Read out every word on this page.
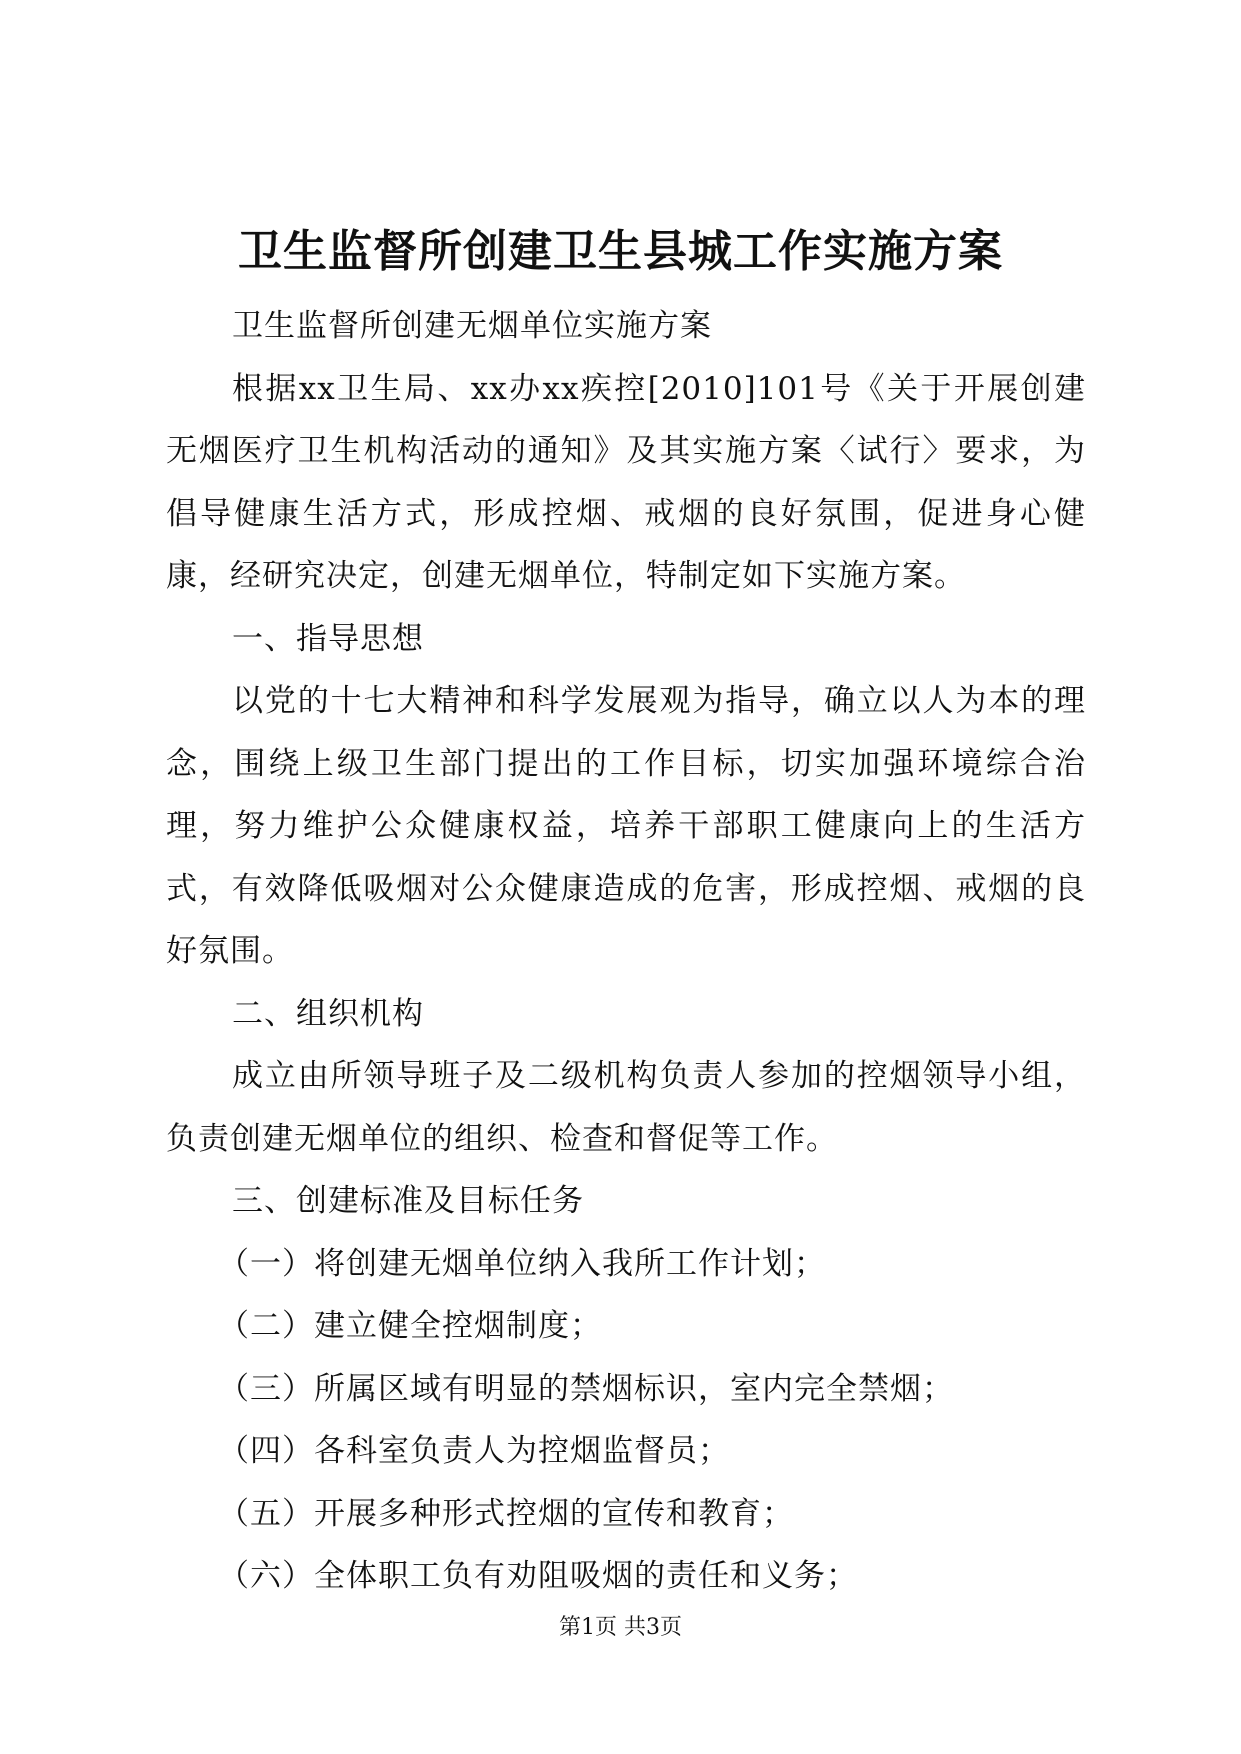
卫生监督所创建卫生县城工作实施方案

卫生监督所创建无烟单位实施方案

根据xx卫生局、xx办xx疾控[2010]101号《关于开展创建无烟医疗卫生机构活动的通知》及其实施方案〈试行〉要求，为倡导健康生活方式，形成控烟、戒烟的良好氛围，促进身心健康，经研究决定，创建无烟单位，特制定如下实施方案。

一、指导思想

以党的十七大精神和科学发展观为指导，确立以人为本的理念，围绕上级卫生部门提出的工作目标，切实加强环境综合治理，努力维护公众健康权益，培养干部职工健康向上的生活方式，有效降低吸烟对公众健康造成的危害，形成控烟、戒烟的良好氛围。

二、组织机构

成立由所领导班子及二级机构负责人参加的控烟领导小组，负责创建无烟单位的组织、检查和督促等工作。

三、创建标准及目标任务

（一）将创建无烟单位纳入我所工作计划；

（二）建立健全控烟制度；

（三）所属区域有明显的禁烟标识，室内完全禁烟；

（四）各科室负责人为控烟监督员；

（五）开展多种形式控烟的宣传和教育；

（六）全体职工负有劝阻吸烟的责任和义务；

第1页 共3页
